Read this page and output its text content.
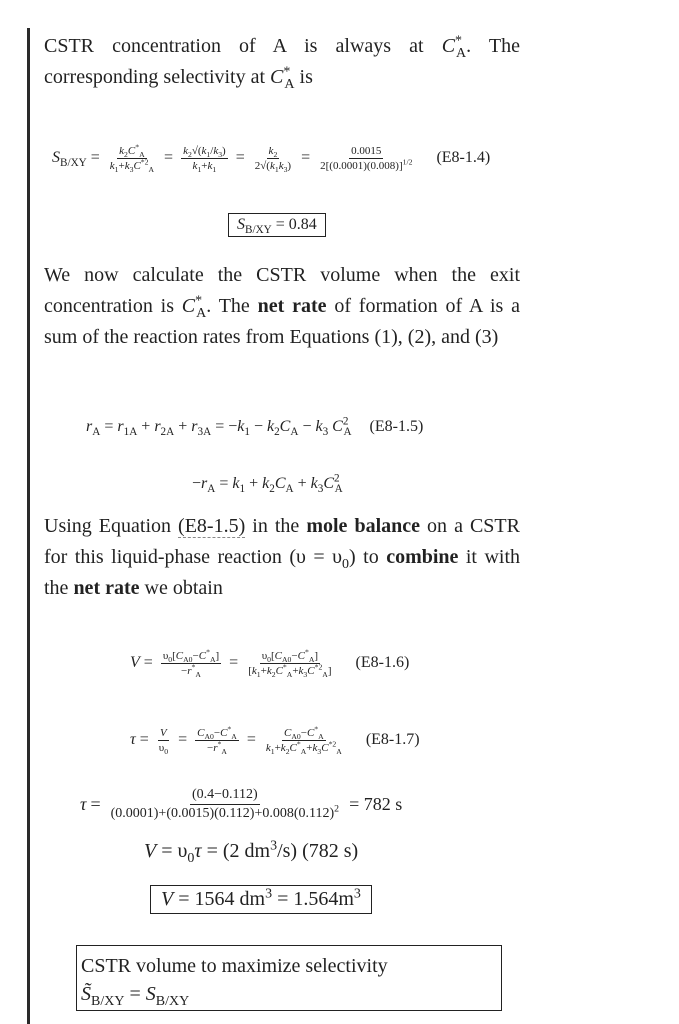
CSTR concentration of A is always at $C^*_A$. The corresponding selectivity at $C^*_A$ is

$S_{B/XY} = \frac{k_2C^*_A}{k_1+k_3C^{*2}_A} = \frac{k_2√(k_1/k_3)}{k_1+k_1} = \frac{k_2}{2√(k_1k_3)} = \frac{0.0015}{2[(0.0001)(0.008)]^{1/2}} (E8-1.4)$
$S_{B/XY} = 0.84$

We now calculate the CSTR volume when the exit concentration is $C^*_A$. The net rate of formation of A is a sum of the reaction rates from Equations (1), (2), and (3)

$r_A = r_{1A} + r_{2A} + r_{3A} = -k_1 - k_2C_A - k_3$ $C^2_A$ (E8-1.5)
$-r_A = k_1 + k_2C_A + k_3C^2_A$

Using Equation (E8-1.5) in the mole balance on a CSTR for this liquid-phase reaction $(\upsilon = \upsilon_0)$ to combine it with the net rate we obtain

$V = \frac{\upsilon_0[C_{A0}-C^*_A]}{-r^*_A} = \frac{\upsilon_0[C_{A0}-C^*_A]}{[k_1+k_2C^*_A+k_3C^{*2}_A]} (E8-1.6)$
$\tau = \frac{V}{\upsilon_0} = \frac{C_{A0}-C^*_A}{-r^*_A} = \frac{C_{A0}-C^*_A}{k_1+k_2C^*_A+k_3C^{*2}_A} (E8-1.7)$
$\tau = \frac{(0.4-0.112)}{(0.0001)+(0.0015)(0.112)+0.008(0.112)^2} = 782$ s
$V = \upsilon_0\tau = (2$ $dm^3/s$) (782 s)
V = 1564 $dm^3 = 1.564m^3$
CSTR volume to maximize selectivity
$S̃_{B/XY} = S_{B/XY}$
